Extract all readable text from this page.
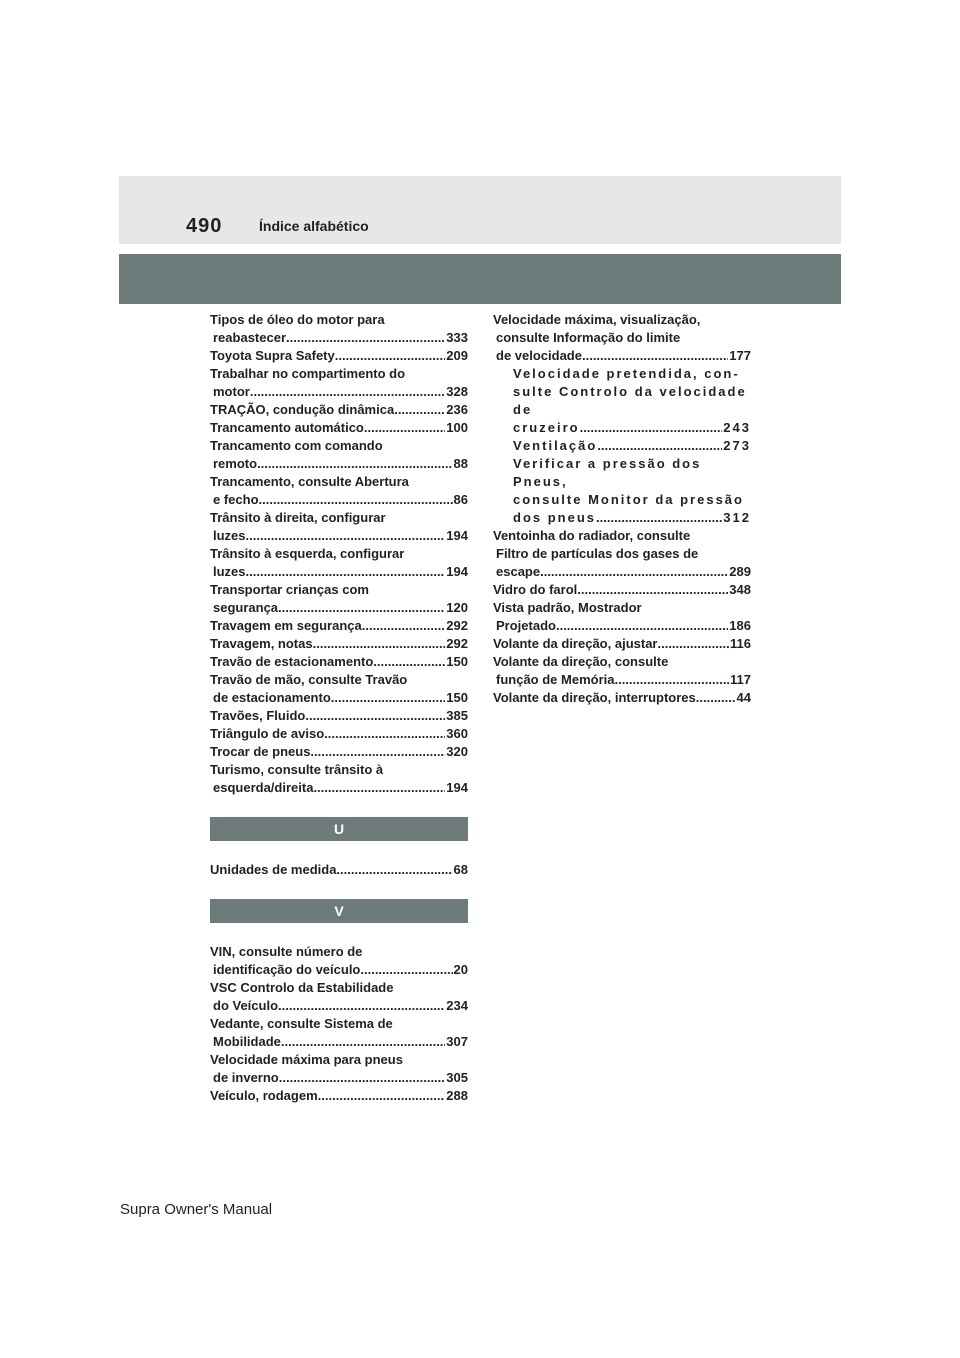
490	Índice alfabético
Tipos de óleo do motor para
reabastecer .....	333
Toyota Supra Safety .....	209
Trabalhar no compartimento do
motor .....	328
TRAÇÃO, condução dinâmica .....	236
Trancamento automático .....	100
Trancamento com comando
remoto .....	88
Trancamento, consulte Abertura
e fecho .....	86
Trânsito à direita, configurar
luzes .....	194
Trânsito à esquerda, configurar
luzes .....	194
Transportar crianças com
segurança .....	120
Travagem em segurança .....	292
Travagem, notas .....	292
Travão de estacionamento .....	150
Travão de mão, consulte Travão
de estacionamento .....	150
Travões, Fluido .....	385
Triângulo de aviso .....	360
Trocar de pneus .....	320
Turismo, consulte trânsito à
esquerda/direita .....	194
U
Unidades de medida .....	68
V
VIN, consulte número de
identificação do veículo .....	20
VSC Controlo da Estabilidade
do Veículo .....	234
Vedante, consulte Sistema de
Mobilidade .....	307
Velocidade máxima para pneus
de inverno .....	305
Veículo, rodagem .....	288
Velocidade máxima, visualização,
consulte Informação do limite
de velocidade .....	177
Velocidade pretendida, con-
sulte Controlo da velocidade
de
cruzeiro .....	243
Ventilação .....	273
Verificar a pressão dos
Pneus,
consulte Monitor da pressão
dos pneus .....	312
Ventoinha do radiador, consulte
Filtro de partículas dos gases de
escape .....	289
Vidro do farol .....	348
Vista padrão, Mostrador
Projetado .....	186
Volante da direção, ajustar .....	116
Volante da direção, consulte
função de Memória .....	117
Volante da direção, interruptores .....	44
Supra Owner's Manual
